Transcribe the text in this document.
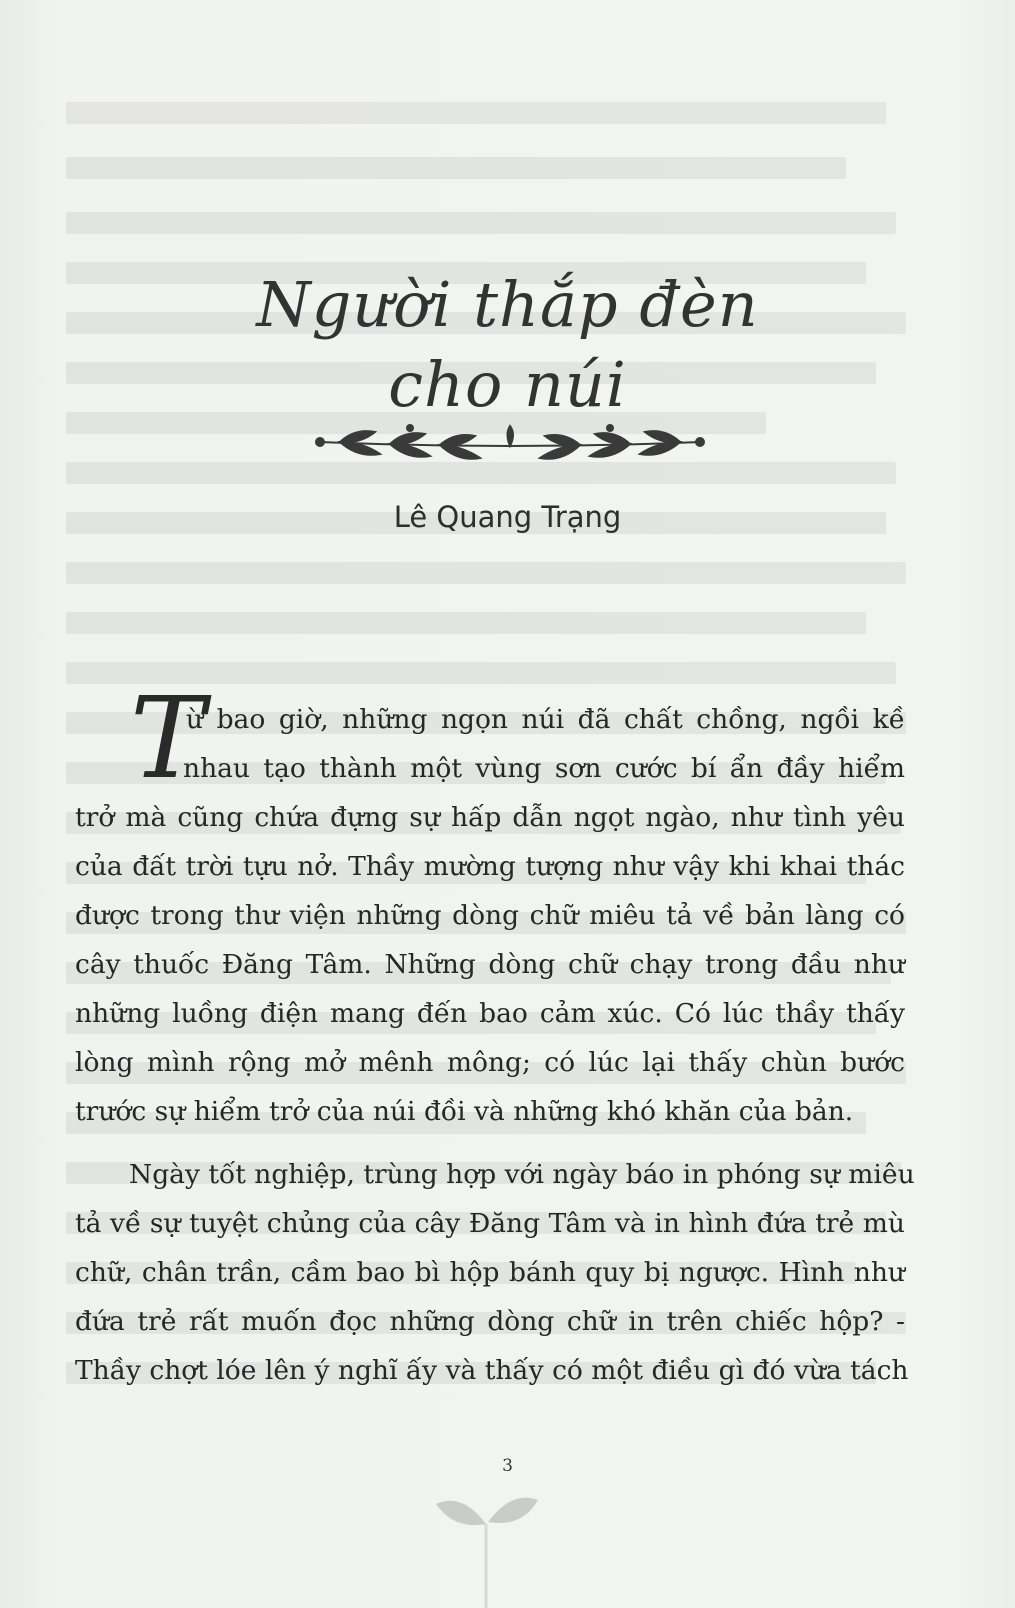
Người thắp đèn
cho núi
Lê Quang Trạng
T
ừ bao giờ, những ngọn núi đã chất chồng, ngồi kề
nhau tạo thành một vùng sơn cước bí ẩn đầy hiểm
trở mà cũng chứa đựng sự hấp dẫn ngọt ngào, như tình yêu
của đất trời tựu nở. Thầy mường tượng như vậy khi khai thác
được trong thư viện những dòng chữ miêu tả về bản làng có
cây thuốc Đăng Tâm. Những dòng chữ chạy trong đầu như
những luồng điện mang đến bao cảm xúc. Có lúc thầy thấy
lòng mình rộng mở mênh mông; có lúc lại thấy chùn bước
trước sự hiểm trở của núi đồi và những khó khăn của bản.
Ngày tốt nghiệp, trùng hợp với ngày báo in phóng sự miêu
tả về sự tuyệt chủng của cây Đăng Tâm và in hình đứa trẻ mù
chữ, chân trần, cầm bao bì hộp bánh quy bị ngược. Hình như
đứa trẻ rất muốn đọc những dòng chữ in trên chiếc hộp? -
Thầy chợt lóe lên ý nghĩ ấy và thấy có một điều gì đó vừa tách
3
